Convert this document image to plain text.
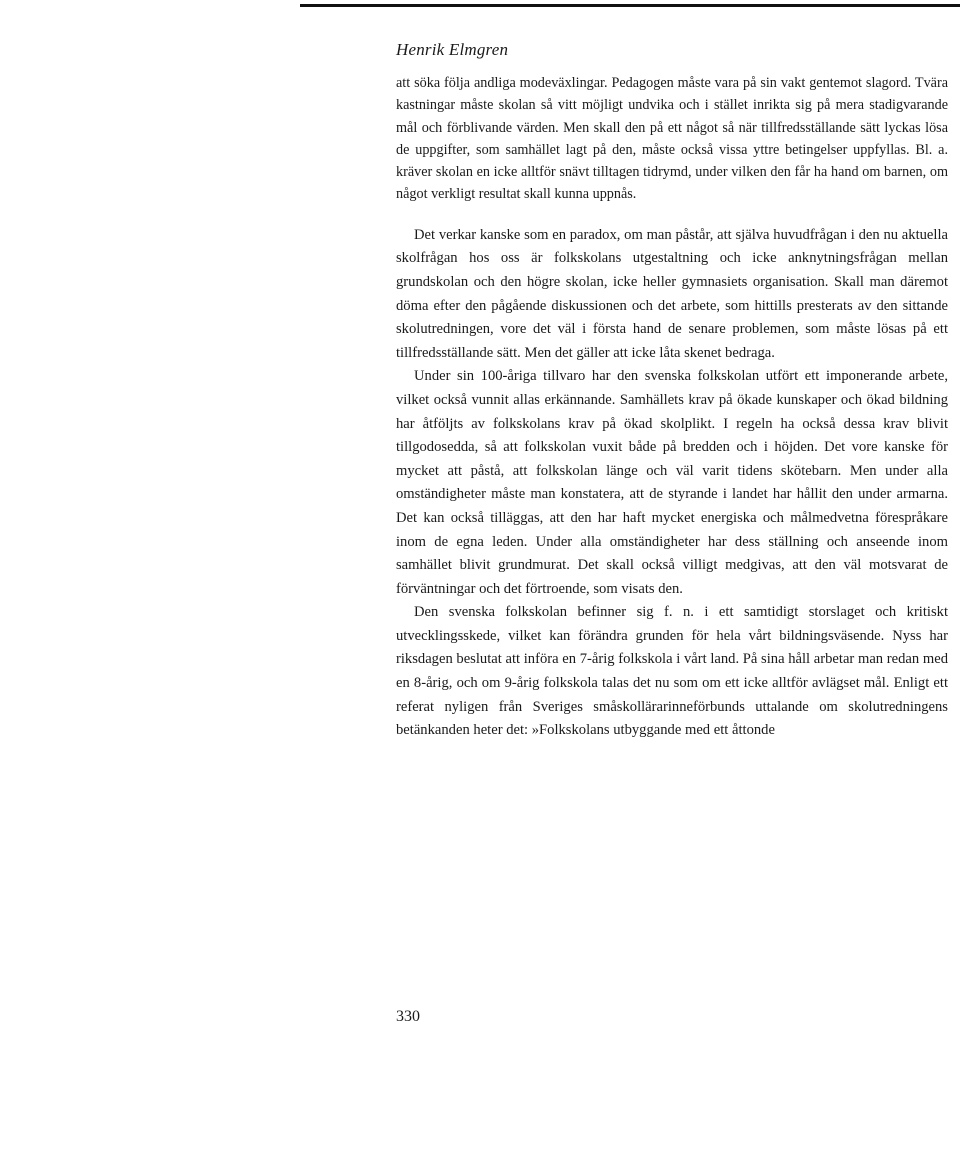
Henrik Elmgren

att söka följa andliga modeväxlingar. Pedagogen måste vara på sin vakt gentemot slagord. Tvära kastningar måste skolan så vitt möjligt undvika och i stället inrikta sig på mera stadigvarande mål och förblivande värden. Men skall den på ett något så när tillfredsställande sätt lyckas lösa de uppgifter, som samhället lagt på den, måste också vissa yttre betingelser uppfyllas. Bl. a. kräver skolan en icke alltför snävt tilltagen tidrymd, under vilken den får ha hand om barnen, om något verkligt resultat skall kunna uppnås.

Det verkar kanske som en paradox, om man påstår, att själva huvudfrågan i den nu aktuella skolfrågan hos oss är folkskolans utgestaltning och icke anknytningsfrågan mellan grundskolan och den högre skolan, icke heller gymnasiets organisation. Skall man däremot döma efter den pågående diskussionen och det arbete, som hittills presterats av den sittande skolutredningen, vore det väl i första hand de senare problemen, som måste lösas på ett tillfredsställande sätt. Men det gäller att icke låta skenet bedraga.

Under sin 100-åriga tillvaro har den svenska folkskolan utfört ett imponerande arbete, vilket också vunnit allas erkännande. Samhällets krav på ökade kunskaper och ökad bildning har åtföljts av folkskolans krav på ökad skolplikt. I regeln ha också dessa krav blivit tillgodosedda, så att folkskolan vuxit både på bredden och i höjden. Det vore kanske för mycket att påstå, att folkskolan länge och väl varit tidens skötebarn. Men under alla omständigheter måste man konstatera, att de styrande i landet har hållit den under armarna. Det kan också tilläggas, att den har haft mycket energiska och målmedvetna förespråkare inom de egna leden. Under alla omständigheter har dess ställning och anseende inom samhället blivit grundmurat. Det skall också villigt medgivas, att den väl motsvarat de förväntningar och det förtroende, som visats den.

Den svenska folkskolan befinner sig f. n. i ett samtidigt storslaget och kritiskt utvecklingsskede, vilket kan förändra grunden för hela vårt bildningsväsende. Nyss har riksdagen beslutat att införa en 7-årig folkskola i vårt land. På sina håll arbetar man redan med en 8-årig, och om 9-årig folkskola talas det nu som om ett icke alltför avlägset mål. Enligt ett referat nyligen från Sveriges småskollärarinneförbunds uttalande om skolutredningens betänkanden heter det: »Folkskolans utbyggande med ett åttonde

330
